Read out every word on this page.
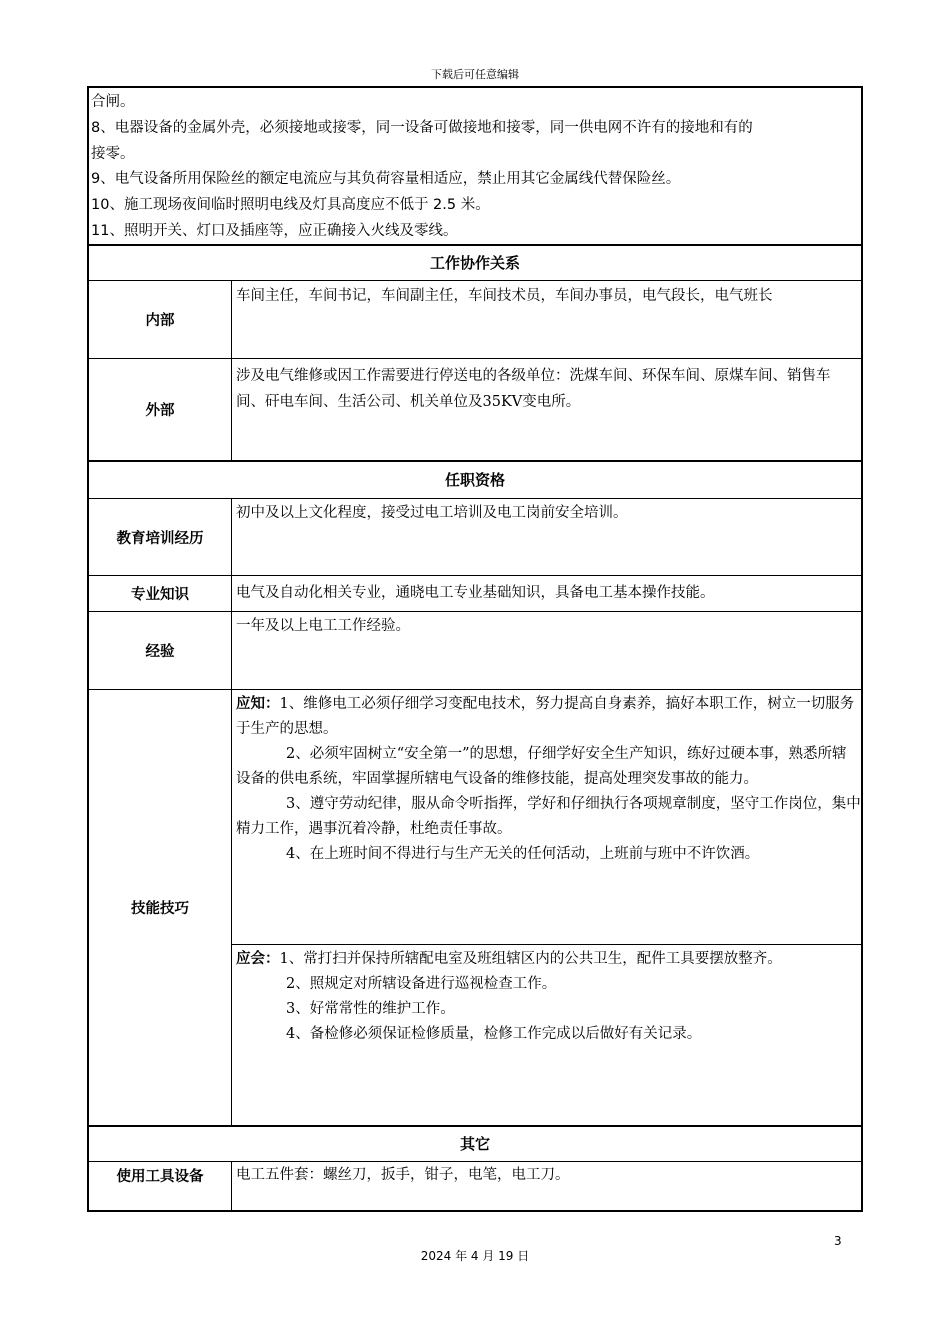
下载后可任意编辑

合闸。

8、电器设备的金属外壳，必须接地或接零，同一设备可做接地和接零，同一供电网不许有的接地和有的

接零。

9、电气设备所用保险丝的额定电流应与其负荷容量相适应，禁止用其它金属线代替保险丝。

10、施工现场夜间临时照明电线及灯具高度应不低于 2.5 米。

11、照明开关、灯口及插座等，应正确接入火线及零线。

工作协作关系
内部
车间主任，车间书记，车间副主任，车间技术员，车间办事员，电气段长，电气班长
外部
涉及电气维修或因工作需要进行停送电的各级单位：洗煤车间、环保车间、原煤车间、销售车间、矸电车间、生活公司、机关单位及35KV变电所。
任职资格
教育培训经历
初中及以上文化程度，接受过电工培训及电工岗前安全培训。
专业知识	电气及自动化相关专业，通晓电工专业基础知识，具备电工基本操作技能。
经验
一年及以上电工工作经验。
技能技巧

应知：1、维修电工必须仔细学习变配电技术，努力提高自身素养，搞好本职工作，树立一切服务于生产的思想。

2、必须牢固树立“安全第一”的思想，仔细学好安全生产知识，练好过硬本事，熟悉所辖设备的供电系统，牢固掌握所辖电气设备的维修技能，提高处理突发事故的能力。

3、遵守劳动纪律，服从命令听指挥，学好和仔细执行各项规章制度，坚守工作岗位，集中精力工作，遇事沉着冷静，杜绝责任事故。

4、在上班时间不得进行与生产无关的任何活动，上班前与班中不许饮酒。

应会：1、常打扫并保持所辖配电室及班组辖区内的公共卫生，配件工具要摆放整齐。

2、照规定对所辖设备进行巡视检查工作。

3、好常常性的维护工作。

4、备检修必须保证检修质量，检修工作完成以后做好有关记录。

其它
使用工具设备	电工五件套：螺丝刀，扳手，钳子，电笔，电工刀。
3
2024 年 4 月 19 日
